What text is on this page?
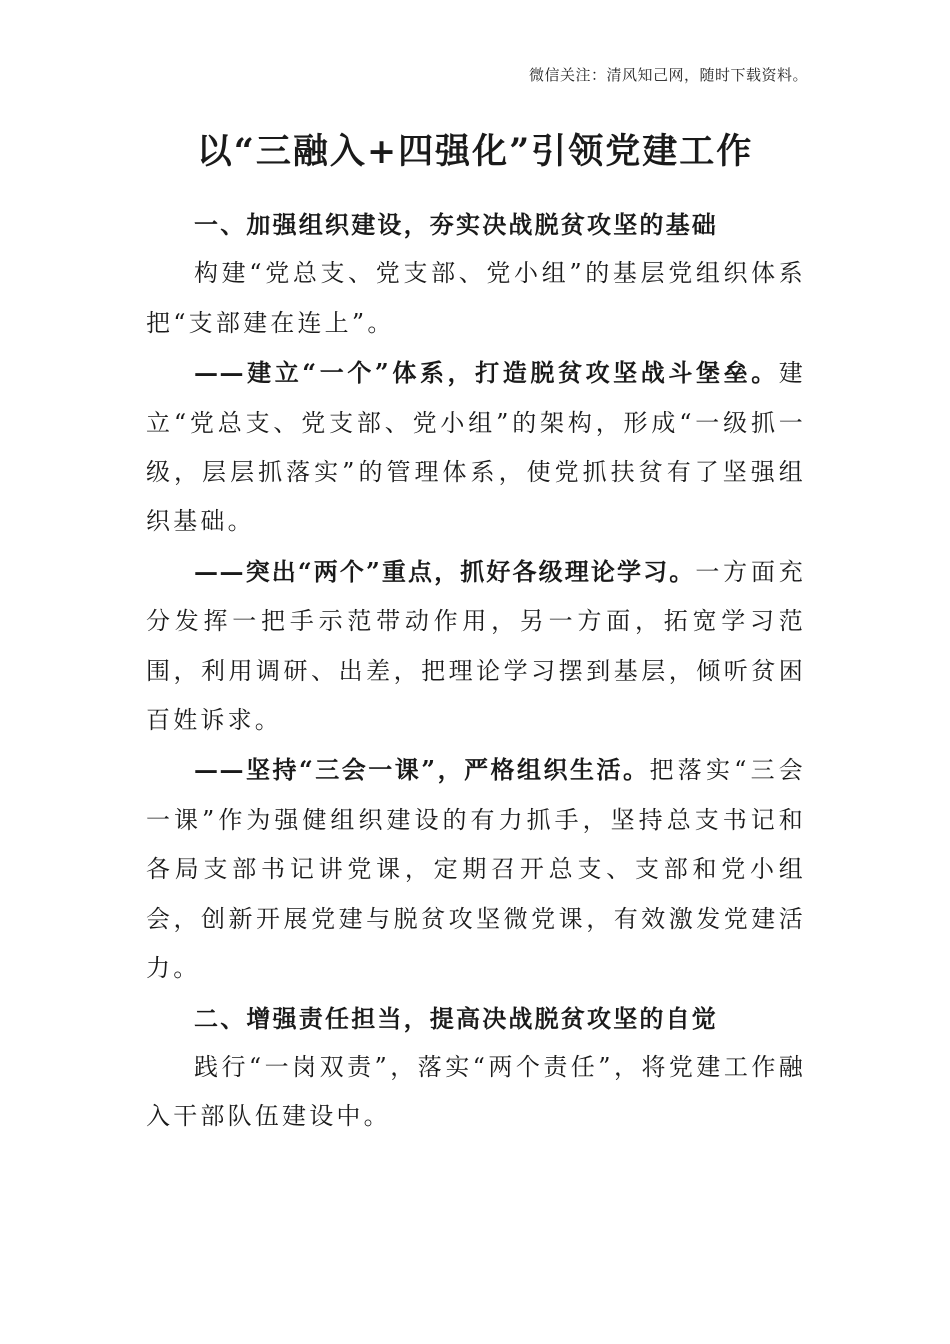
微信关注：清风知己网，随时下载资料。
以“三融入+四强化”引领党建工作

一、加强组织建设，夯实决战脱贫攻坚的基础

构建“党总支、党支部、党小组”的基层党组织体系把“支部建在连上”。

——建立“一个”体系，打造脱贫攻坚战斗堡垒。建立“党总支、党支部、党小组”的架构，形成“一级抓一级，层层抓落实”的管理体系，使党抓扶贫有了坚强组织基础。

——突出“两个”重点，抓好各级理论学习。一方面充分发挥一把手示范带动作用，另一方面，拓宽学习范围，利用调研、出差，把理论学习摆到基层，倾听贫困百姓诉求。

——坚持“三会一课”，严格组织生活。把落实“三会一课”作为强健组织建设的有力抓手，坚持总支书记和各局支部书记讲党课，定期召开总支、支部和党小组会，创新开展党建与脱贫攻坚微党课，有效激发党建活力。

二、增强责任担当，提高决战脱贫攻坚的自觉

践行“一岗双责”，落实“两个责任”，将党建工作融入干部队伍建设中。
